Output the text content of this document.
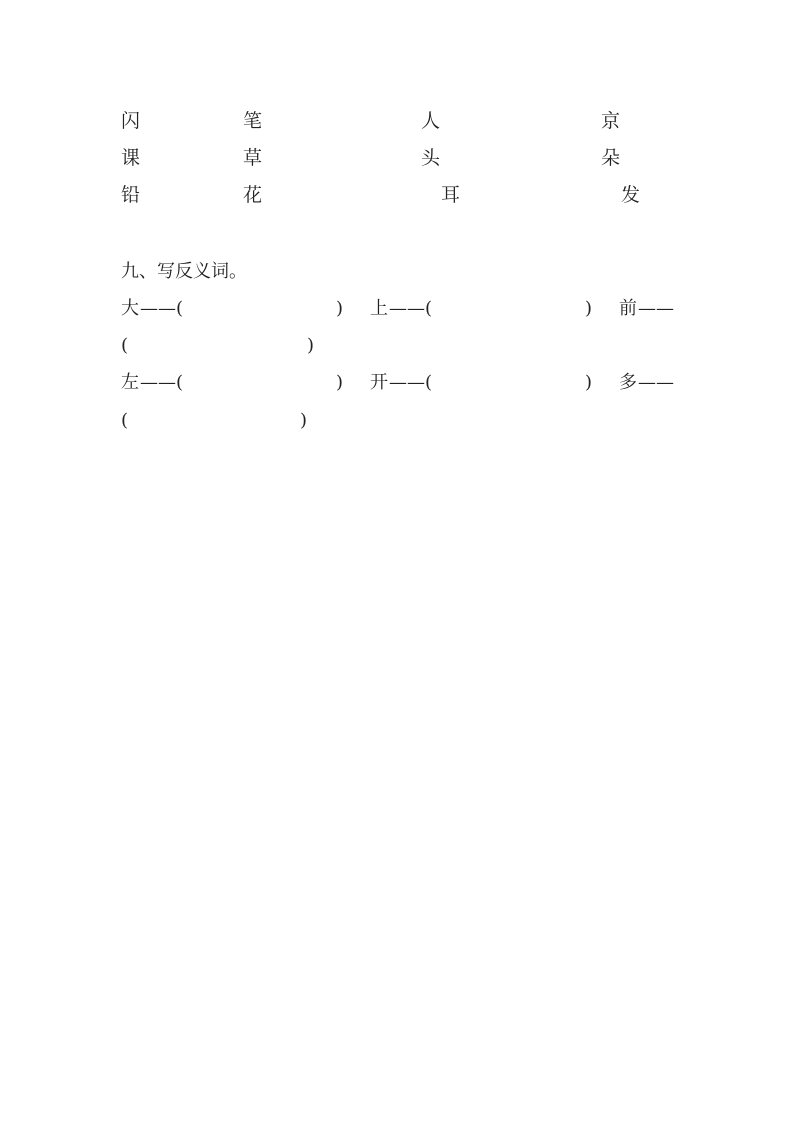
闪	笔	人	京
课	草	头	朵
铅	花	耳	发
九、写反义词。
大 ——(	) 上 ——(	) 前 ——
(	)
左 ——(	) 开 ——(	) 多 ——
(	)
